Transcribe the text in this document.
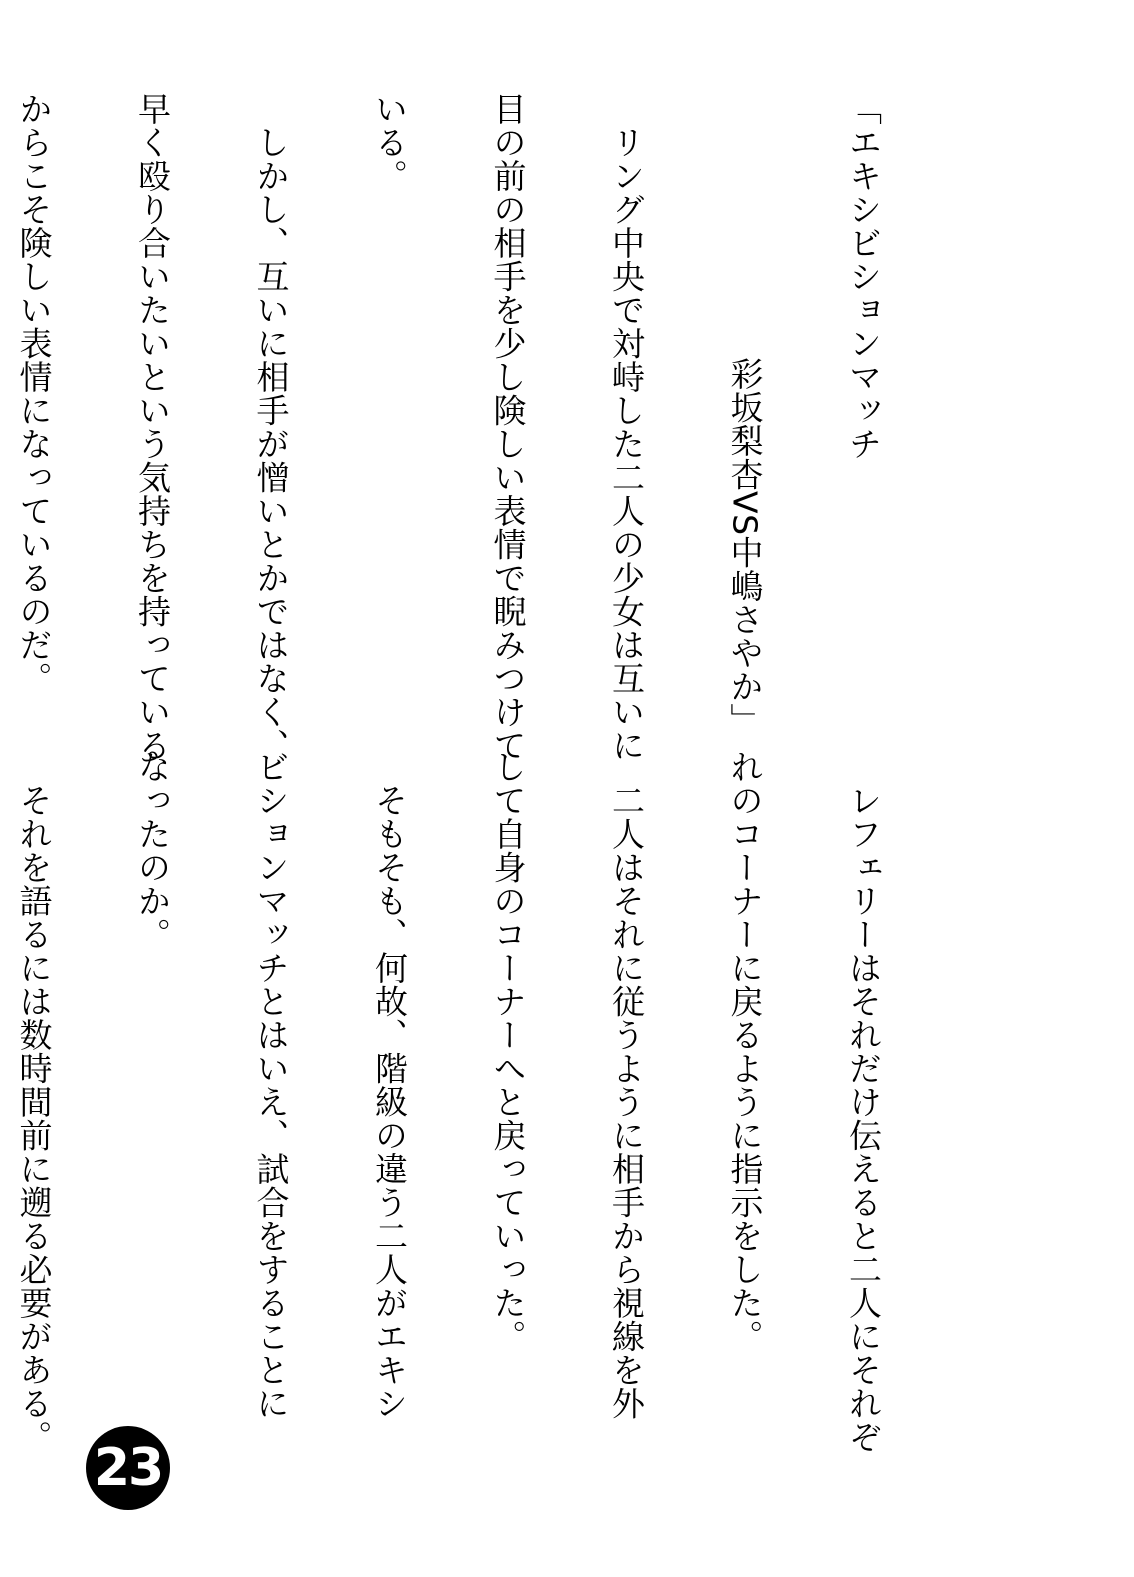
「エキシビションマッチ

彩坂梨杏VS中嶋さやか」

　リング中央で対峙した二人の少女は互いに

目の前の相手を少し険しい表情で睨みつけて

いる。

　しかし、互いに相手が憎いとかではなく、

早く殴り合いたいという気持ちを持っている

からこそ険しい表情になっているのだ。

　レフェリーはそれだけ伝えると二人にそれぞ

れのコーナーに戻るように指示をした。

　二人はそれに従うように相手から視線を外

して自身のコーナーへと戻っていった。

　そもそも、何故、階級の違う二人がエキシ

ビションマッチとはいえ、試合をすることに

なったのか。

　それを語るには数時間前に遡る必要がある。

23
